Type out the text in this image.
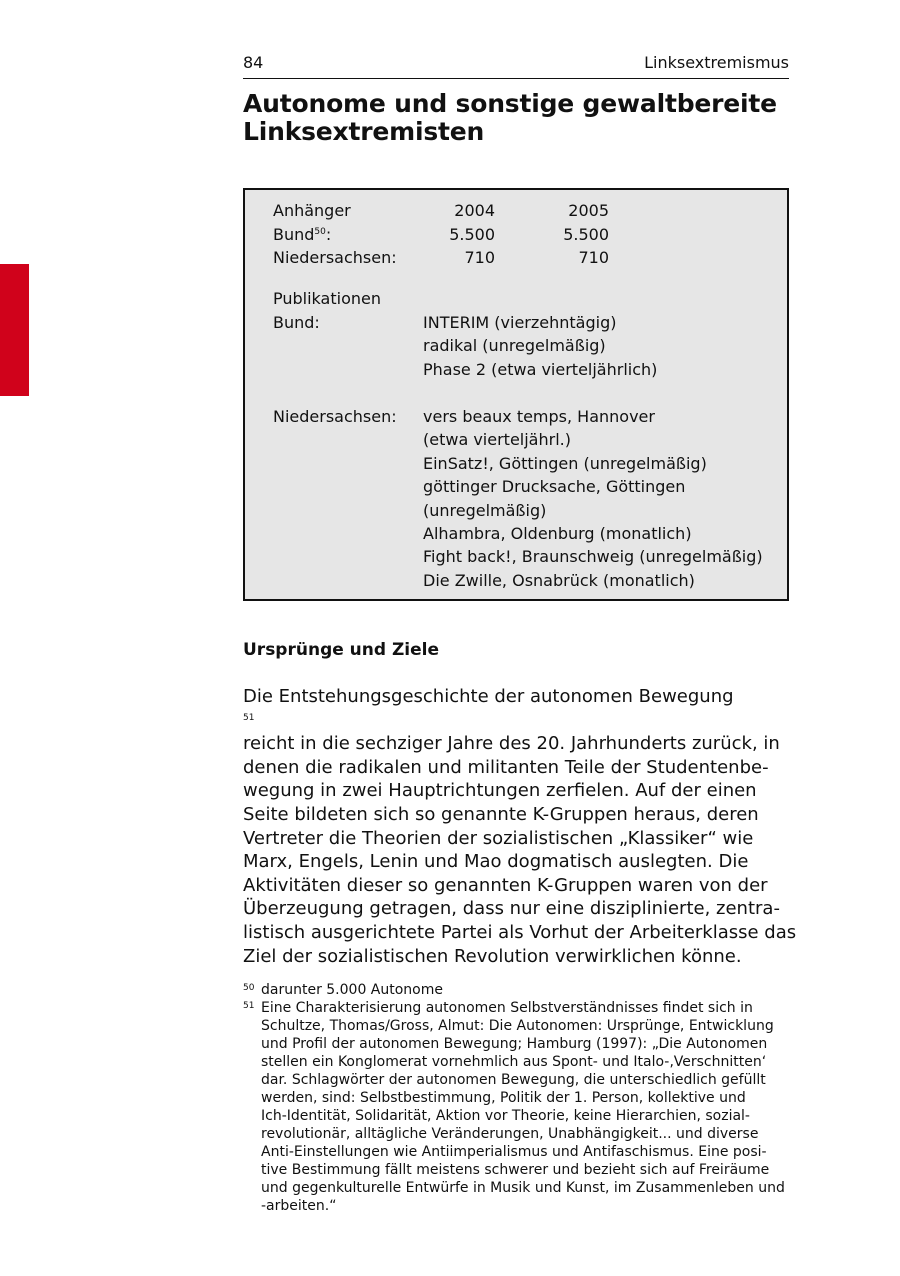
84	Linksextremismus
Autonome und sonstige gewaltbereite
Linksextremisten
Anhänger	2004	2005
Bund$^{50}$:	5.500	5.500
Niedersachsen:	710	710
Publikationen
Bund:	INTERIM (vierzehntägig)
radikal (unregelmäßig)
Phase 2 (etwa vierteljährlich)
Niedersachsen: vers beaux temps, Hannover
(etwa vierteljährl.)
EinSatz!, Göttingen (unregelmäßig)
göttinger Drucksache, Göttingen
(unregelmäßig)
Alhambra, Oldenburg (monatlich)
Fight back!, Braunschweig (unregelmäßig)
Die Zwille, Osnabrück (monatlich)
Ursprünge und Ziele
Die Entstehungsgeschichte der autonomen Bewegung
$^{51}$
reicht in die sechziger Jahre des 20. Jahrhunderts zurück, in
denen die radikalen und militanten Teile der Studentenbe-
wegung in zwei Hauptrichtungen zerfielen. Auf der einen
Seite bildeten sich so genannte K-Gruppen heraus, deren
Vertreter die Theorien der sozialistischen „Klassiker“ wie
Marx, Engels, Lenin und Mao dogmatisch auslegten. Die
Aktivitäten dieser so genannten K-Gruppen waren von der
Überzeugung getragen, dass nur eine disziplinierte, zentra-
listisch ausgerichtete Partei als Vorhut der Arbeiterklasse das
Ziel der sozialistischen Revolution verwirklichen könne.
50 darunter 5.000 Autonome
51 Eine Charakterisierung autonomen Selbstverständnisses findet sich in
Schultze, Thomas/Gross, Almut: Die Autonomen: Ursprünge, Entwicklung
und Profil der autonomen Bewegung; Hamburg (1997): „Die Autonomen
stellen ein Konglomerat vornehmlich aus Spont- und Italo-‚Verschnitten‘
dar. Schlagwörter der autonomen Bewegung, die unterschiedlich gefüllt
werden, sind: Selbstbestimmung, Politik der 1. Person, kollektive und
Ich-Identität, Solidarität, Aktion vor Theorie, keine Hierarchien, sozial-
revolutionär, alltägliche Veränderungen, Unabhängigkeit... und diverse
Anti-Einstellungen wie Antiimperialismus und Antifaschismus. Eine posi-
tive Bestimmung fällt meistens schwerer und bezieht sich auf Freiräume
und gegenkulturelle Entwürfe in Musik und Kunst, im Zusammenleben und
-arbeiten.“
